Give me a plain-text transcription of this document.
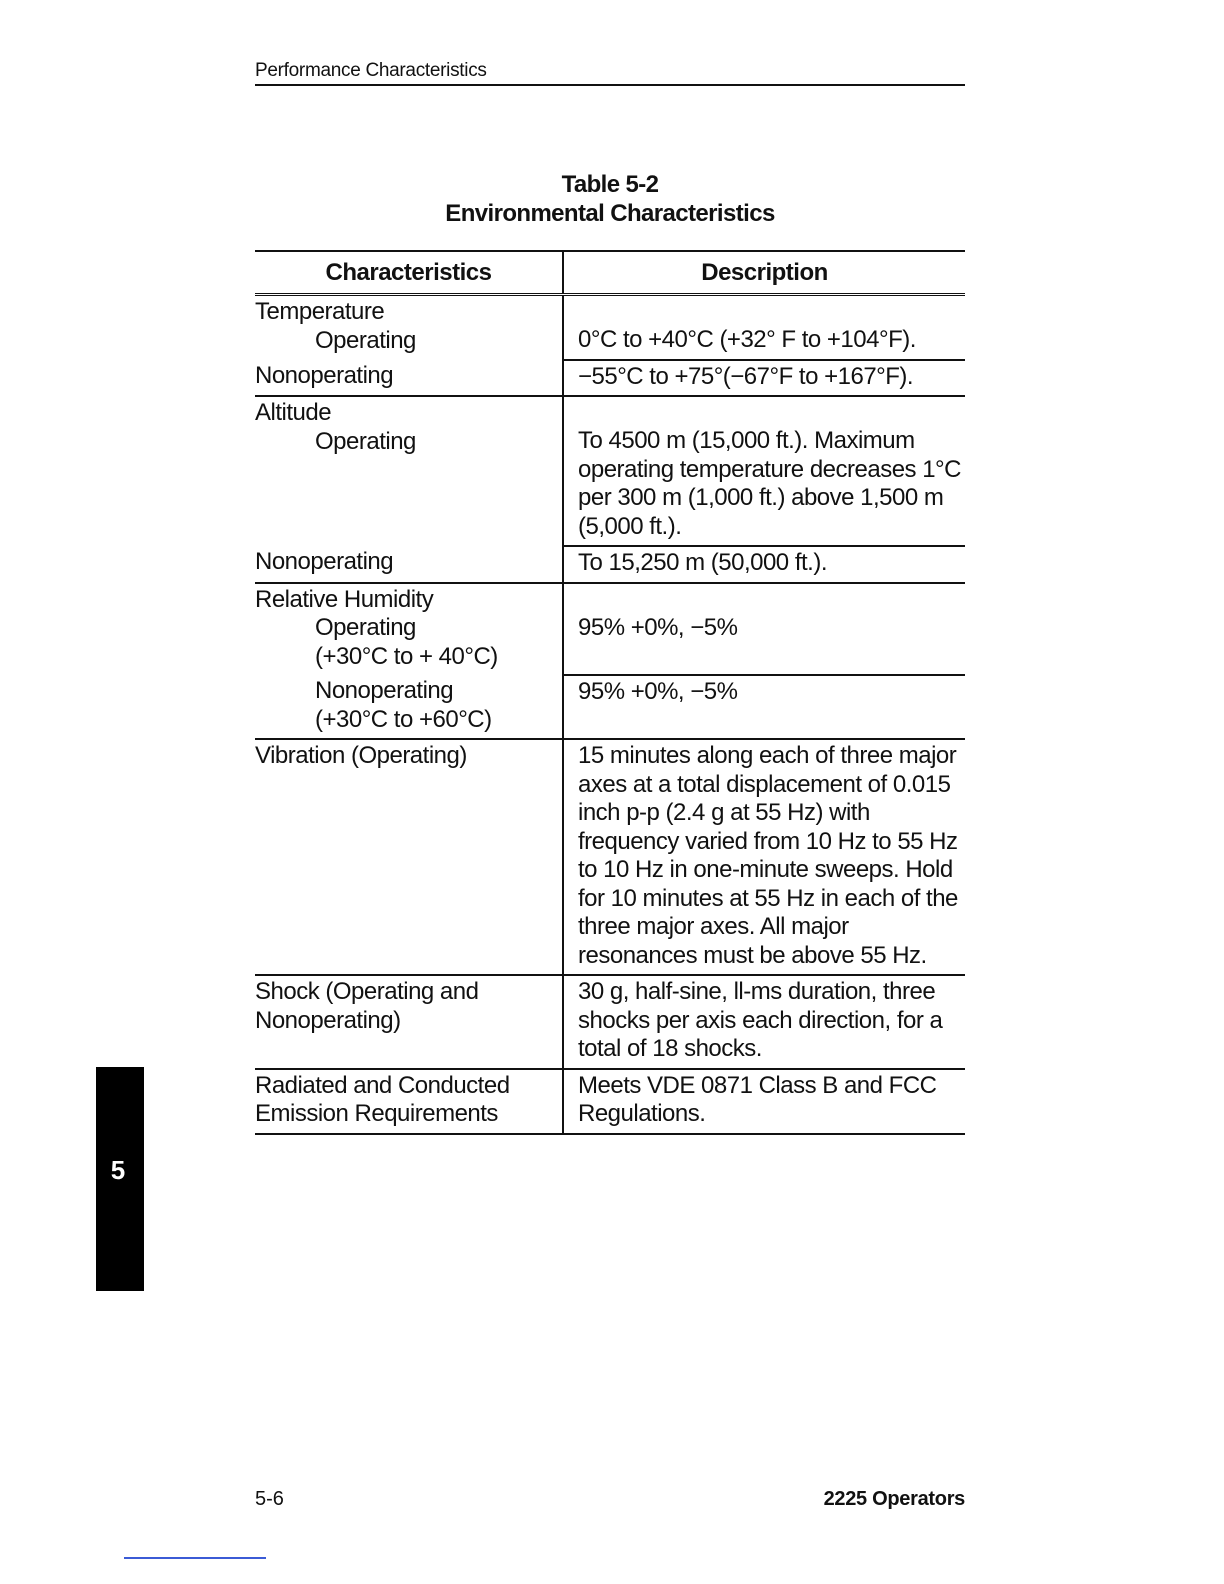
Performance Characteristics
Table 5-2
Environmental Characteristics
Characteristics	Description

Temperature
Operating	0°C to +40°C (+32° F to +104°F).
Nonoperating	−55°C to +75°(−67°F to +167°F).

Altitude
Operating	To 4500 m (15,000 ft.). Maximum operating temperature decreases 1°C per 300 m (1,000 ft.) above 1,500 m (5,000 ft.).
Nonoperating	To 15,250 m (50,000 ft.).

Relative Humidity
Operating
(+30°C to + 40°C)	95% +0%, −5%

Nonoperating
(+30°C to +60°C)	95% +0%, −5%
Vibration (Operating)	15 minutes along each of three major axes at a total displacement of 0.015 inch p-p (2.4 g at 55 Hz) with frequency varied from 10 Hz to 55 Hz to 10 Hz in one-minute sweeps. Hold for 10 minutes at 55 Hz in each of the three major axes. All major resonances must be above 55 Hz.
Shock (Operating and Nonoperating)	30 g, half-sine, ll-ms duration, three shocks per axis each direction, for a total of 18 shocks.
Radiated and Conducted Emission Requirements	Meets VDE 0871 Class B and FCC Regulations.
5
5-6	2225 Operators
